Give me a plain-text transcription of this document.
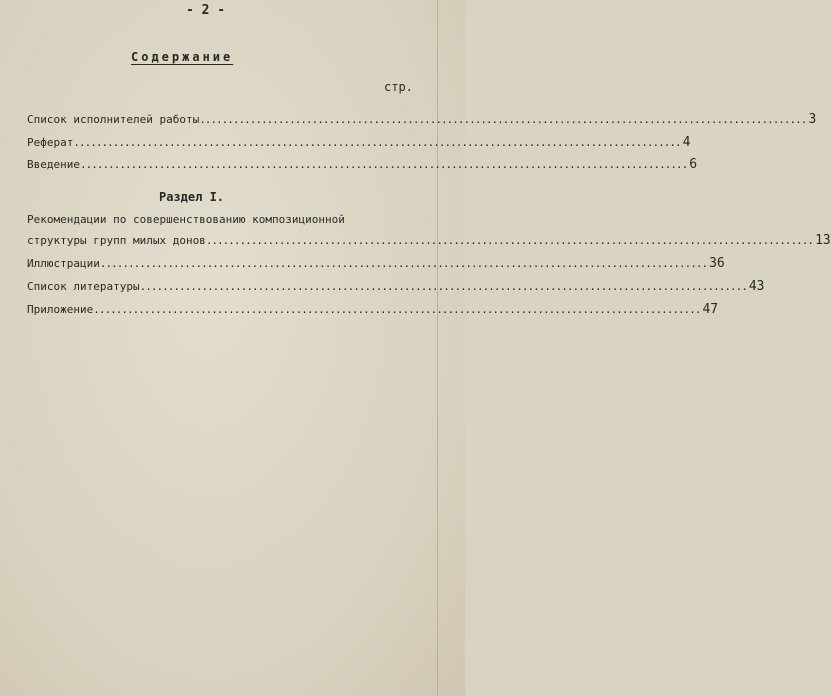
- 2 -
Содержание
стр.
Список исполнителей работы ............................................................................................................ 3
Реферат ............................................................................................................ 4
Введение ............................................................................................................ 6
Раздел I.
Рекомендации по совершенствованию композиционной
структуры групп милых донов ............................................................................................................ 13
Иллюстрации ............................................................................................................ 36
Список литературы ............................................................................................................ 43
Приложение ............................................................................................................ 47
